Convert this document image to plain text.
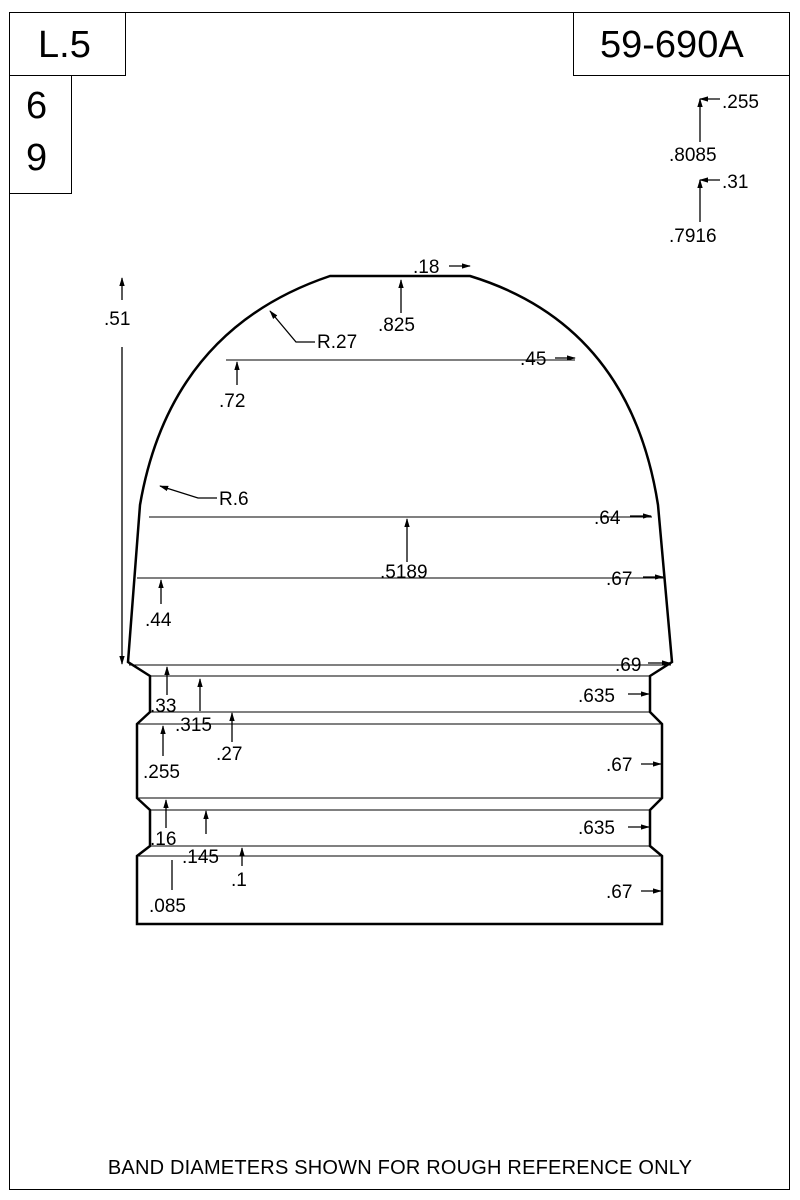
L.5	59-690A
6
9
.18
.825
R.27
.51
.45
.72
R.6
.64
.5189	.67
.44
.69
.635
.33
.315
.27
.255	.67
.635
.16
.145
.1
.085
.67
.255
.8085
.31
.7916
BAND DIAMETERS SHOWN FOR ROUGH REFERENCE ONLY
